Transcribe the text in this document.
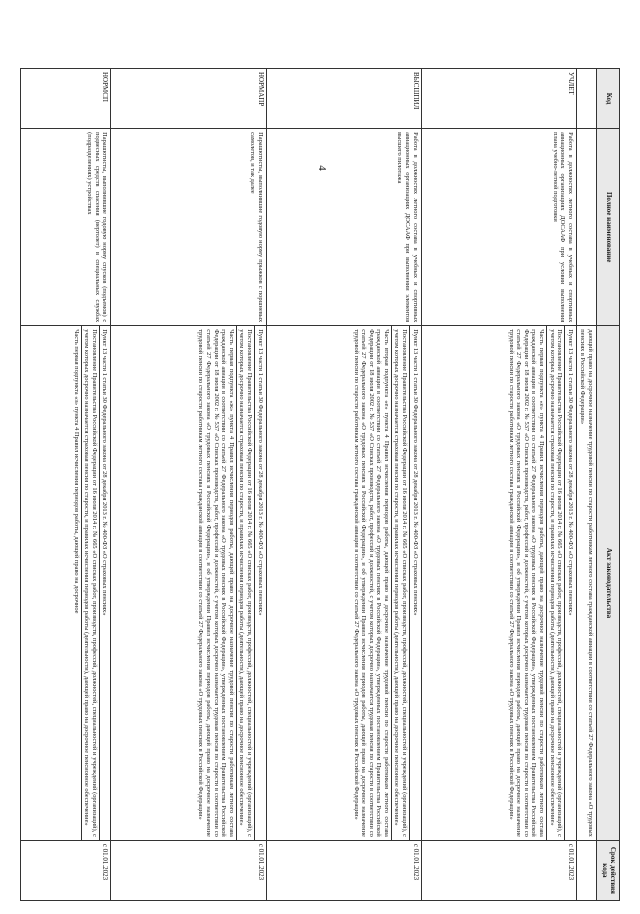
4
Код	Полное наименование	Акт законодательства	Срок действия кода
		дающий право на досрочное назначение трудовой пенсии по старости работникам летного состава гражданской авиации в соответствии со статьей 27 Федерального закона «О трудовых пенсиях в Российской Федерации»	
УЧЛЕТ	Работа в должностях летного состава в учебных и спортивных авиационных организациях ДОСААФ при условии выполнения плана учебно-летной подготовки	Пункт 13 части 1 статьи 30 Федерального закона от 28 декабря 2013 г. № 400-ФЗ «О страховых пенсиях»
Постановление Правительства Российской Федерации от 16 июля 2014 г. № 665 «О списках работ, производств, профессий, должностей, специальностей и учреждений (организаций), с учетом которых досрочно назначается страховая пенсия по старости, и правилах исчисления периодов работы (деятельности), дающей право на досрочное пенсионное обеспечение»
Часть первая подпункта «е» пункта 4 Правил исчисления периодов работы, дающей право на досрочное назначение трудовой пенсии по старости работникам летного состава гражданской авиации в соответствии со статьей 27 Федерального закона «О трудовых пенсиях в Российской Федерации», утвержденных постановлением Правительства Российской Федерации от 18 июля 2002 г. № 537 «О Списках производств, работ, профессий и должностей, с учетом которых досрочно назначается трудовая пенсия по старости в соответствии со статьей 27 Федерального закона «О трудовых пенсиях в Российской Федерации», и об утверждении Правил исчисления периодов работы, дающей право на досрочное назначение трудовой пенсии по старости работникам летного состава гражданской авиации в соответствии со статьей 27 Федерального закона «О трудовых пенсиях в Российской Федерации»	с 01.01.2023
ВЫСШПИЛ	Работа в должностях летного состава в учебных и спортивных авиационных организациях ДОСААФ при выполнении элементов высшего пилотажа	Пункт 13 части 1 статьи 30 Федерального закона от 28 декабря 2013 г. № 400-ФЗ «О страховых пенсиях»
Постановление Правительства Российской Федерации от 16 июля 2014 г. № 665 «О списках работ, производств, профессий, должностей, специальностей и учреждений (организаций), с учетом которых досрочно назначается страховая пенсия по старости, и правилах исчисления периодов работы (деятельности), дающей право на досрочное пенсионное обеспечение»
Часть вторая подпункта «е» пункта 4 Правил исчисления периодов работы, дающей право на досрочное назначение трудовой пенсии по старости работникам летного состава гражданской авиации в соответствии со статьей 27 Федерального закона «О трудовых пенсиях в Российской Федерации», утвержденных постановлением Правительства Российской Федерации от 18 июля 2002 г. № 537 «О Списках производств, работ, профессий и должностей, с учетом которых досрочно назначается трудовая пенсия по старости в соответствии со статьей 27 Федерального закона «О трудовых пенсиях в Российской Федерации», и об утверждении Правил исчисления периодов работы, дающей право на досрочное назначение трудовой пенсии по старости работникам летного состава гражданской авиации в соответствии со статьей 27 Федерального закона «О трудовых пенсиях в Российской Федерации»	с 01.01.2023
НОРМАПР	Парашютисты, выполнившие годовую норму прыжков с поршневых самолетов, и так далее	Пункт 13 части 1 статьи 30 Федерального закона от 28 декабря 2013 г. № 400-ФЗ «О страховых пенсиях»
Постановление Правительства Российской Федерации от 16 июля 2014 г. № 665 «О списках работ, производств, профессий, должностей, специальностей и учреждений (организаций), с учетом которых досрочно назначается страховая пенсия по старости, и правилах исчисления периодов работы (деятельности), дающей право на досрочное пенсионное обеспечение»
Часть первая подпункта «ж» пункта 4 Правил исчисления периодов работы, дающей право на досрочное назначение трудовой пенсии по старости работникам летного состава гражданской авиации в соответствии со статьей 27 Федерального закона «О трудовых пенсиях в Российской Федерации», утвержденных постановлением Правительства Российской Федерации от 18 июля 2002 г. № 537 «О Списках производств, работ, профессий и должностей, с учетом которых досрочно назначается трудовая пенсия по старости в соответствии со статьей 27 Федерального закона «О трудовых пенсиях в Российской Федерации», и об утверждении Правил исчисления периодов работы, дающей право на досрочное назначение трудовой пенсии по старости работникам летного состава гражданской авиации в соответствии со статьей 27 Федерального закона «О трудовых пенсиях в Российской Федерации»	с 01.01.2023
НОРМСП	Парашютисты, выполнившие годовую норму спусков (подъемов) с подвесных средств спасения (вертолет) в специальных службах (подразделениях) устройствах	Пункт 13 части 1 статьи 30 Федерального закона от 28 декабря 2013 г. № 400-ФЗ «О страховых пенсиях»
Постановление Правительства Российской Федерации от 16 июля 2014 г. № 665 «О списках работ, производств, профессий, должностей, специальностей и учреждений (организаций), с учетом которых досрочно назначается страховая пенсия по старости, и правилах исчисления периодов работы (деятельности), дающей право на досрочное пенсионное обеспечение»
Часть первая подпункта «з» пункта 4 Правил исчисления периодов работы, дающей право на досрочное	с 01.01.2023
